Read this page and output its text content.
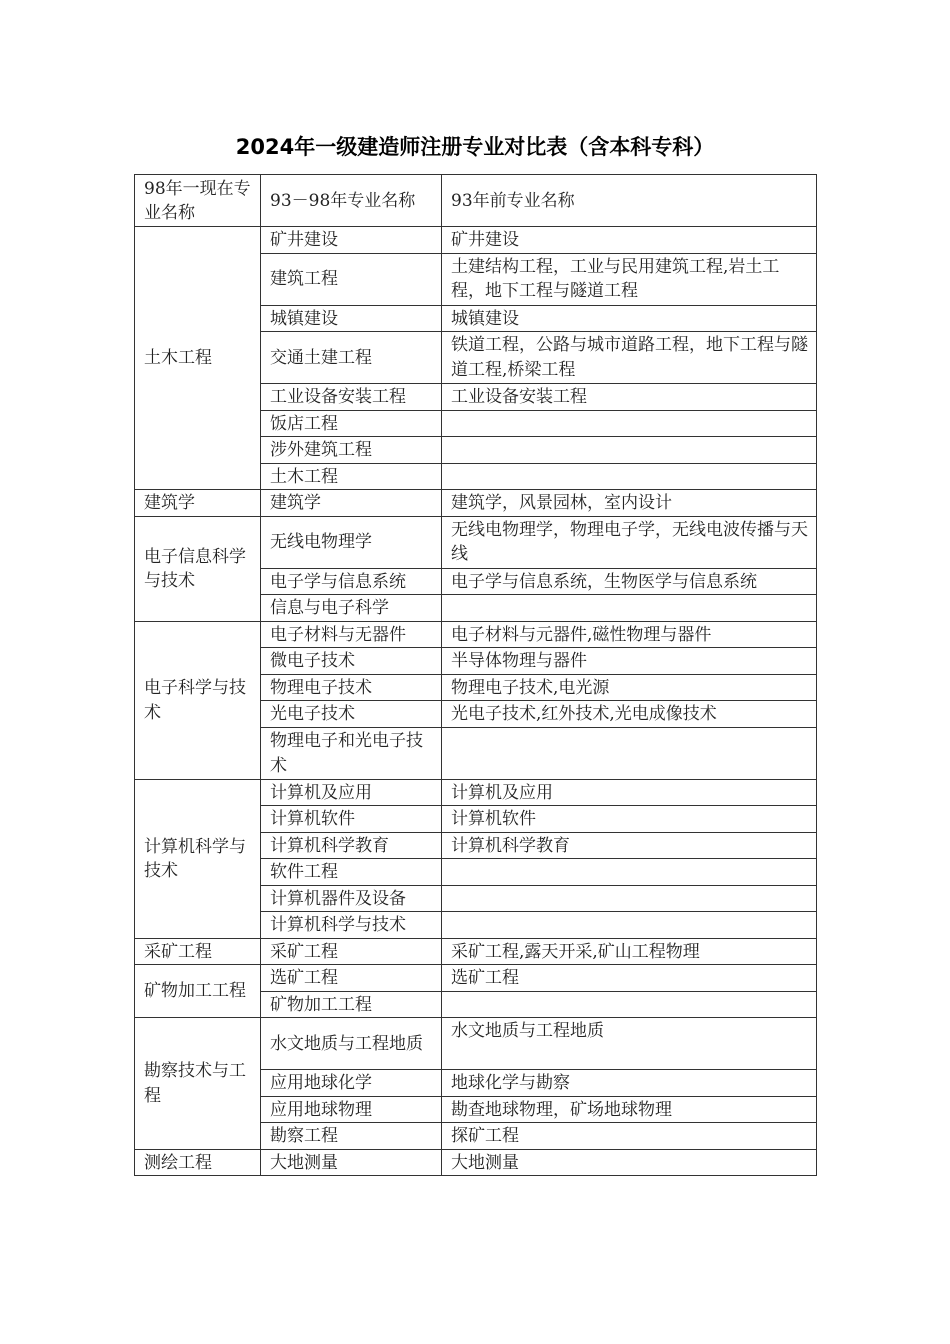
2024年一级建造师注册专业对比表（含本科专科）
98年一现在专业名称	93－98年专业名称	93年前专业名称
土木工程	矿井建设	矿井建设
	建筑工程	土建结构工程，工业与民用建筑工程,岩土工程，地下工程与隧道工程
	城镇建设	城镇建设
	交通土建工程	铁道工程，公路与城市道路工程，地下工程与隧道工程,桥梁工程
	工业设备安装工程	工业设备安装工程
	饭店工程	
	涉外建筑工程	
	土木工程	
建筑学	建筑学	建筑学，风景园林，室内设计
电子信息科学与技术	无线电物理学	无线电物理学，物理电子学，无线电波传播与天线
	电子学与信息系统	电子学与信息系统，生物医学与信息系统
	信息与电子科学	
电子科学与技术	电子材料与无器件	电子材料与元器件,磁性物理与器件
	微电子技术	半导体物理与器件
	物理电子技术	物理电子技术,电光源
	光电子技术	光电子技术,红外技术,光电成像技术
	物理电子和光电子技术	
计算机科学与技术	计算机及应用	计算机及应用
	计算机软件	计算机软件
	计算机科学教育	计算机科学教育
	软件工程	
	计算机器件及设备	
	计算机科学与技术	
采矿工程	采矿工程	采矿工程,露天开采,矿山工程物理
矿物加工工程	选矿工程	选矿工程
	矿物加工工程	
勘察技术与工程	水文地质与工程地质	水文地质与工程地质
	应用地球化学	地球化学与勘察
	应用地球物理	勘查地球物理，矿场地球物理
	勘察工程	探矿工程
测绘工程	大地测量	大地测量
